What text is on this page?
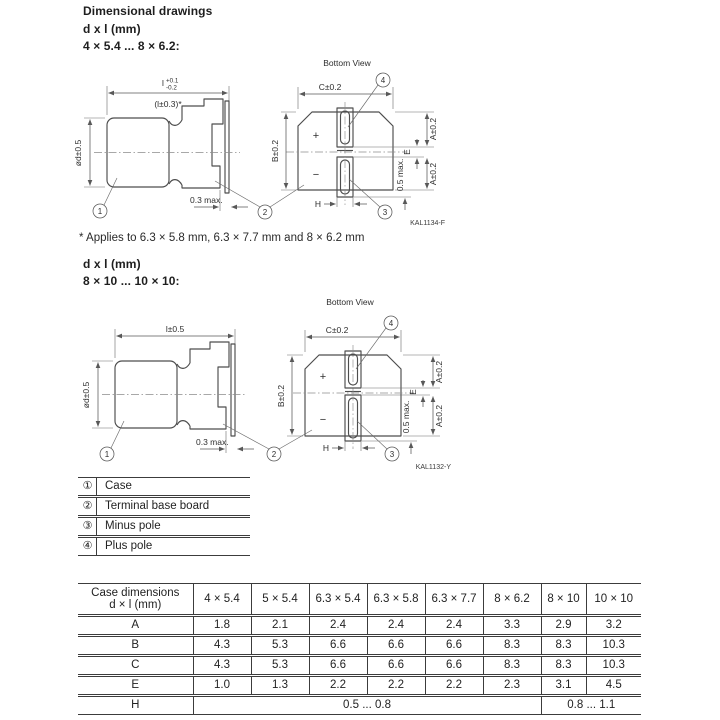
Dimensional drawings
d x l (mm)
4 × 5.4 ... 8 × 6.2:
l +0.1
-0.2
(l±0.3)*
ød±0.5
0.3 max.
1
Bottom View
C±0.2
+
−
B±0.2
A±0.2
A±0.2
E
0.5 max.
H
4
2	3
KAL1134-F
* Applies to 6.3 × 5.8 mm, 6.3 × 7.7 mm and 8 × 6.2 mm
d x l (mm)
8 × 10 ... 10 × 10:
l±0.5
ød±0.5
0.3 max.
1
Bottom View
C±0.2
+
−
B±0.2
A±0.2
A±0.2
E
0.5 max.
H
4
2	3
KAL1132-Y
①	Case
②	Terminal base board
③	Minus pole
④	Plus pole
Case dimensions
d × l (mm)	4 × 5.4	5 × 5.4	6.3 × 5.4	6.3 × 5.8	6.3 × 7.7	8 × 6.2	8 × 10	10 × 10
A	1.8	2.1	2.4	2.4	2.4	3.3	2.9	3.2
B	4.3	5.3	6.6	6.6	6.6	8.3	8.3	10.3
C	4.3	5.3	6.6	6.6	6.6	8.3	8.3	10.3
E	1.0	1.3	2.2	2.2	2.2	2.3	3.1	4.5
H	0.5 ... 0.8						0.8 ... 1.1	
